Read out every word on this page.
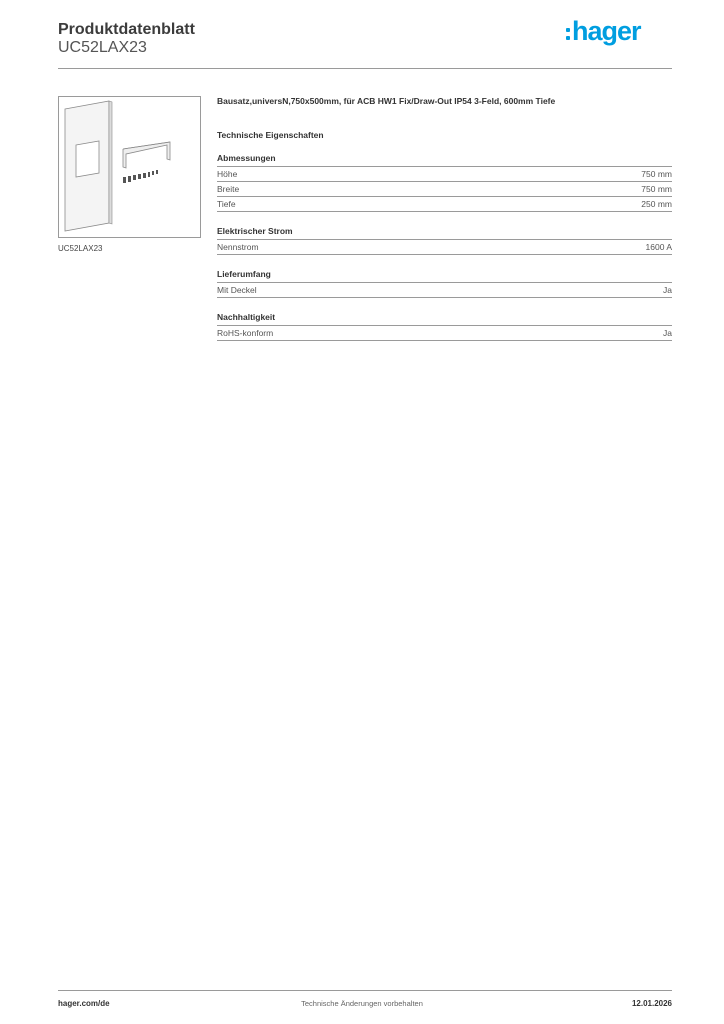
Produktdatenblatt
UC52LAX23
hager
UC52LAX23

Bausatz,universN,750x500mm, für ACB HW1 Fix/Draw-Out IP54 3-Feld, 600mm Tiefe

Technische Eigenschaften
Abmessungen
Höhe	750 mm
Breite	750 mm
Tiefe	250 mm
Elektrischer Strom
Nennstrom	1600 A
Lieferumfang
Mit Deckel	Ja
Nachhaltigkeit
RoHS-konform	Ja
hager.com/de	Technische Änderungen vorbehalten	12.01.2026
